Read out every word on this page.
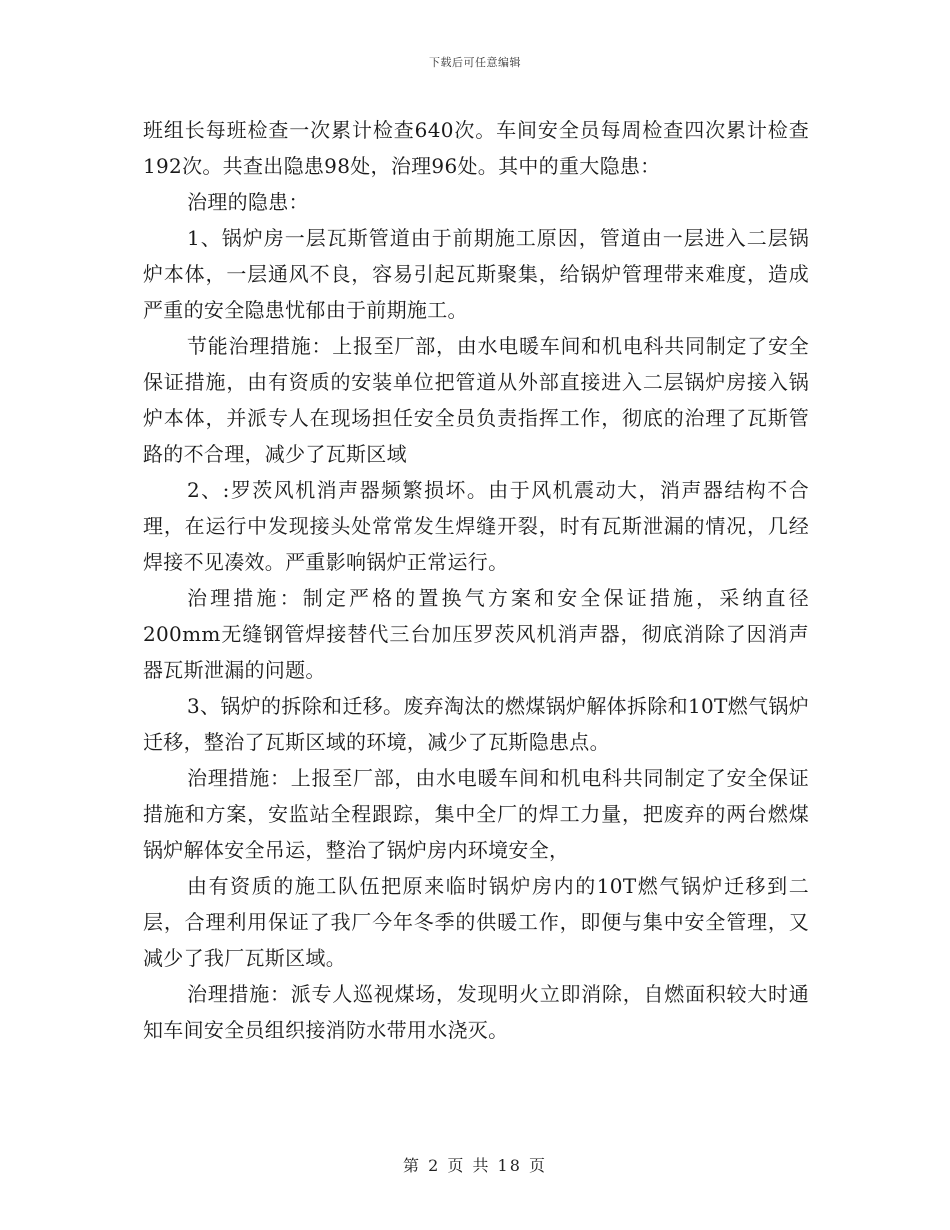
下载后可任意编辑

班组长每班检查一次累计检查640次。车间安全员每周检查四次累计检查192次。共查出隐患98处，治理96处。其中的重大隐患：

治理的隐患：

1、锅炉房一层瓦斯管道由于前期施工原因，管道由一层进入二层锅炉本体，一层通风不良，容易引起瓦斯聚集，给锅炉管理带来难度，造成严重的安全隐患忧郁由于前期施工。

节能治理措施：上报至厂部，由水电暖车间和机电科共同制定了安全保证措施，由有资质的安装单位把管道从外部直接进入二层锅炉房接入锅炉本体，并派专人在现场担任安全员负责指挥工作，彻底的治理了瓦斯管路的不合理，减少了瓦斯区域

2、:罗茨风机消声器频繁损坏。由于风机震动大，消声器结构不合理，在运行中发现接头处常常发生焊缝开裂，时有瓦斯泄漏的情况，几经焊接不见凑效。严重影响锅炉正常运行。

治理措施：制定严格的置换气方案和安全保证措施，采纳直径200mm无缝钢管焊接替代三台加压罗茨风机消声器，彻底消除了因消声器瓦斯泄漏的问题。

3、锅炉的拆除和迁移。废弃淘汰的燃煤锅炉解体拆除和10T燃气锅炉迁移，整治了瓦斯区域的环境，减少了瓦斯隐患点。

治理措施：上报至厂部，由水电暖车间和机电科共同制定了安全保证措施和方案，安监站全程跟踪，集中全厂的焊工力量，把废弃的两台燃煤锅炉解体安全吊运，整治了锅炉房内环境安全，

由有资质的施工队伍把原来临时锅炉房内的10T燃气锅炉迁移到二层，合理利用保证了我厂今年冬季的供暖工作，即便与集中安全管理，又减少了我厂瓦斯区域。

治理措施：派专人巡视煤场，发现明火立即消除，自燃面积较大时通知车间安全员组织接消防水带用水浇灭。

第 2 页 共 18 页
